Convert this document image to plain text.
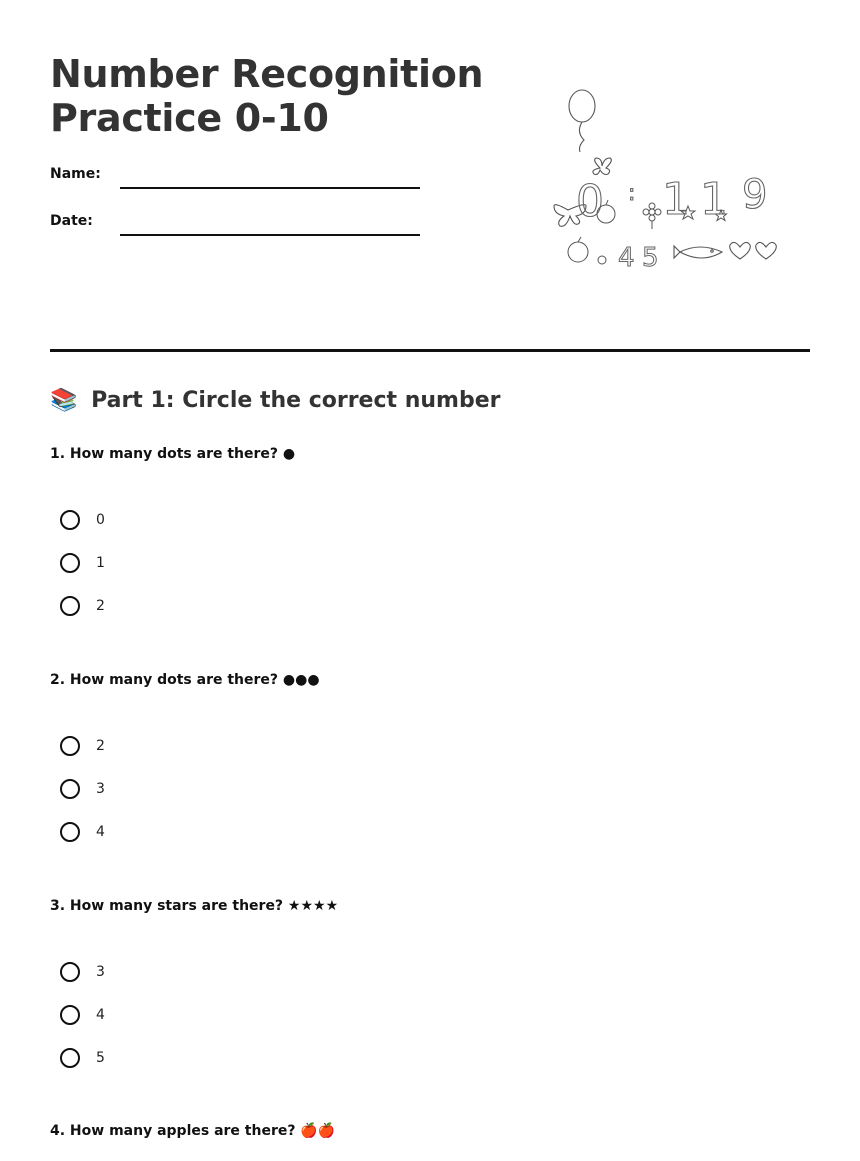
Number Recognition
Practice 0-10
Name:
Date:	0 : 1 1 9
4 5
📚 Part 1: Circle the correct number

1. How many dots are there? ●

0
1
2

2. How many dots are there? ●●●

2
3
4

3. How many stars are there? ★★★★

3
4
5

4. How many apples are there? 🍎🍎
